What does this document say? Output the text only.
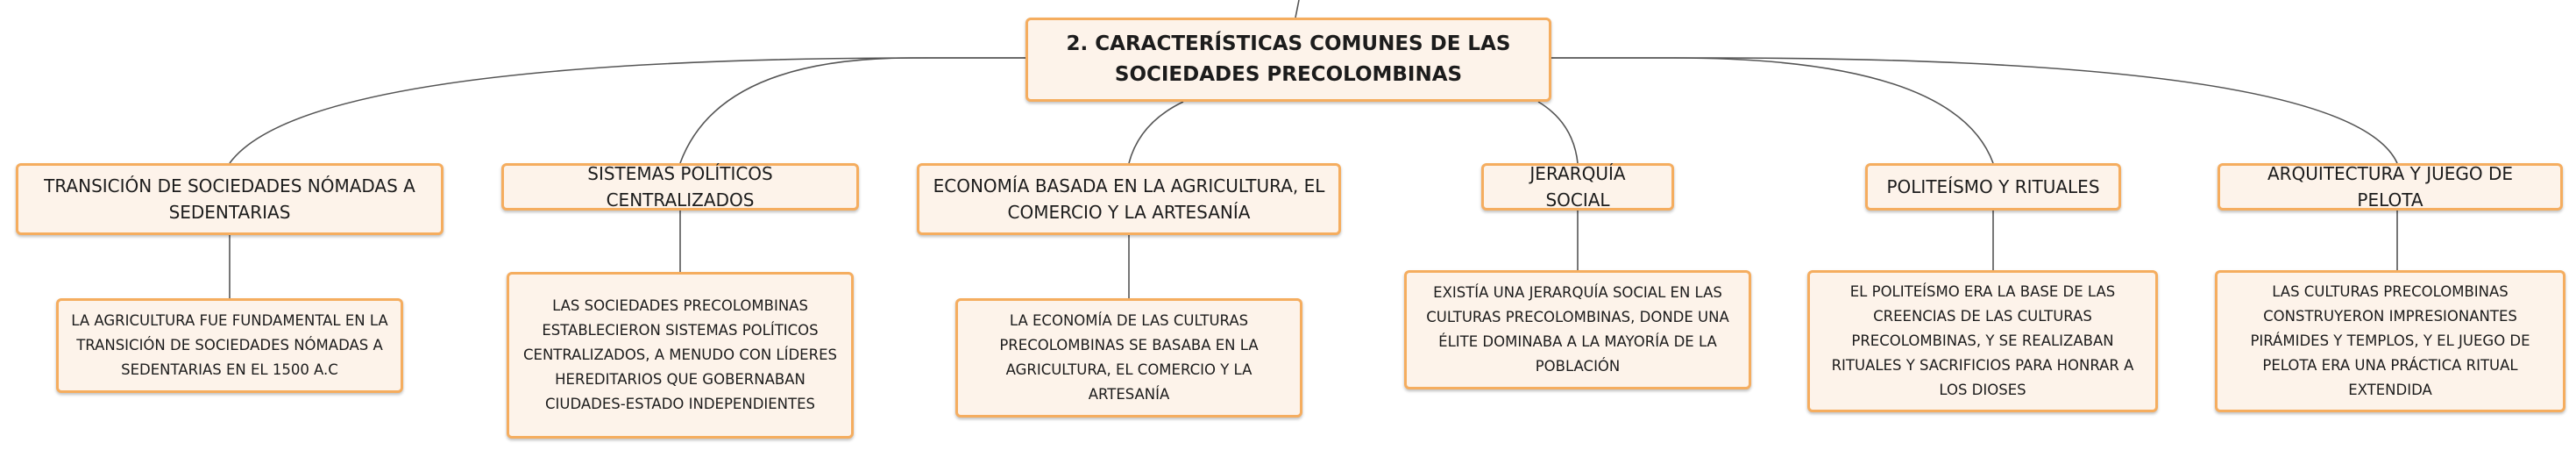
2. CARACTERÍSTICAS COMUNES DE LAS SOCIEDADES PRECOLOMBINAS
TRANSICIÓN DE SOCIEDADES NÓMADAS A SEDENTARIAS
SISTEMAS POLÍTICOS CENTRALIZADOS
ECONOMÍA BASADA EN LA AGRICULTURA, EL COMERCIO Y LA ARTESANÍA
JERARQUÍA SOCIAL
POLITEÍSMO Y RITUALES
ARQUITECTURA Y JUEGO DE PELOTA
LA AGRICULTURA FUE FUNDAMENTAL EN LA TRANSICIÓN DE SOCIEDADES NÓMADAS A SEDENTARIAS EN EL 1500 A.C
LAS SOCIEDADES PRECOLOMBINAS ESTABLECIERON SISTEMAS POLÍTICOS CENTRALIZADOS, A MENUDO CON LÍDERES HEREDITARIOS QUE GOBERNABAN CIUDADES-ESTADO INDEPENDIENTES
LA ECONOMÍA DE LAS CULTURAS PRECOLOMBINAS SE BASABA EN LA AGRICULTURA, EL COMERCIO Y LA ARTESANÍA
EXISTÍA UNA JERARQUÍA SOCIAL EN LAS CULTURAS PRECOLOMBINAS, DONDE UNA ÉLITE DOMINABA A LA MAYORÍA DE LA POBLACIÓN
EL POLITEÍSMO ERA LA BASE DE LAS CREENCIAS DE LAS CULTURAS PRECOLOMBINAS, Y SE REALIZABAN RITUALES Y SACRIFICIOS PARA HONRAR A LOS DIOSES
LAS CULTURAS PRECOLOMBINAS CONSTRUYERON IMPRESIONANTES PIRÁMIDES Y TEMPLOS, Y EL JUEGO DE PELOTA ERA UNA PRÁCTICA RITUAL EXTENDIDA
